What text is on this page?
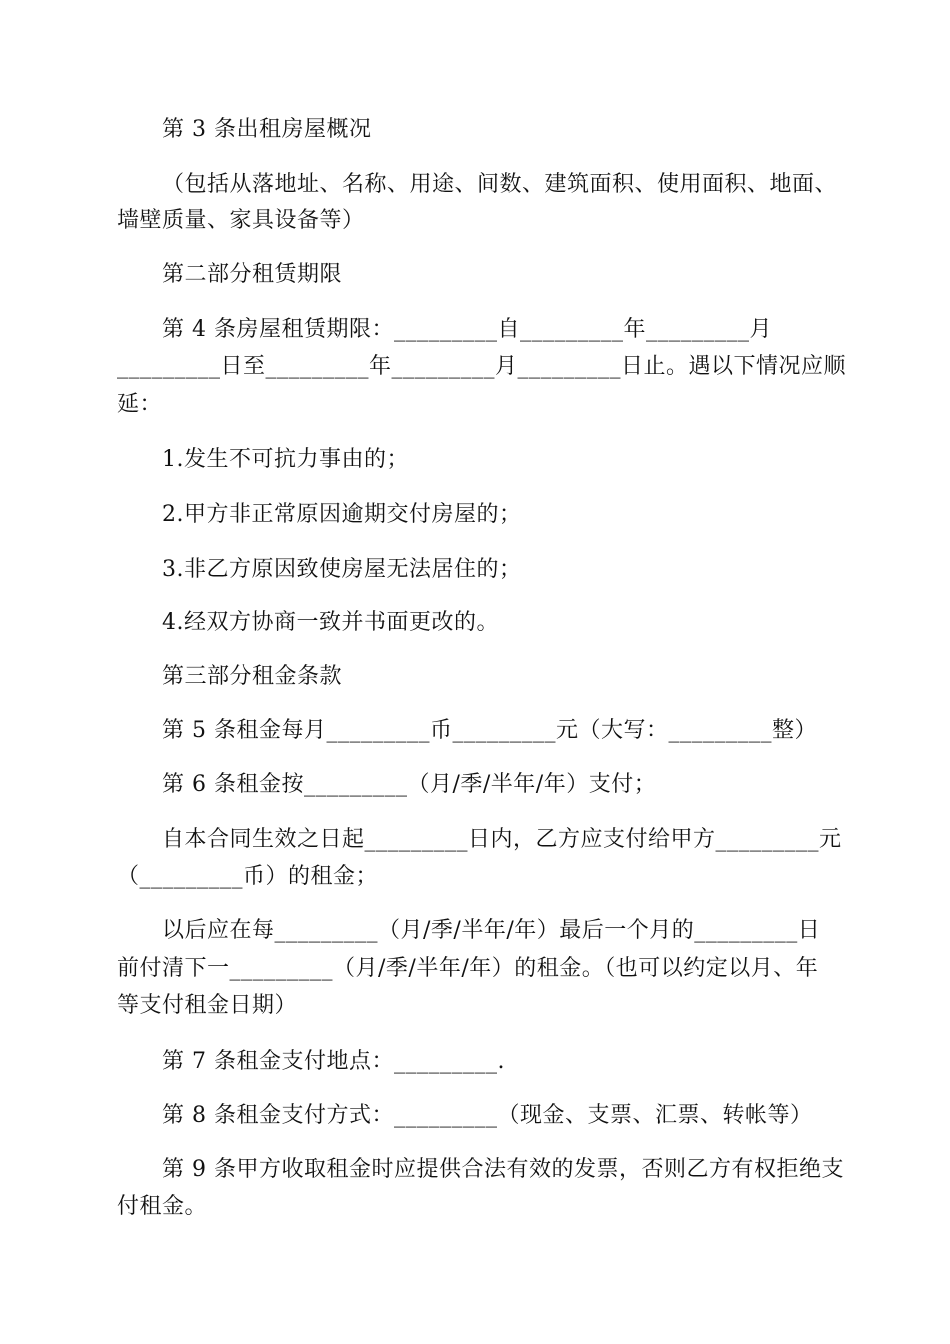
第 3 条出租房屋概况
（包括从落地址、名称、用途、间数、建筑面积、使用面积、地面、
墙壁质量、家具设备等）
第二部分租赁期限
第 4 条房屋租赁期限：_________自_________年_________月
_________日至_________年_________月_________日止。遇以下情况应顺
延：
1.发生不可抗力事由的；
2.甲方非正常原因逾期交付房屋的；
3.非乙方原因致使房屋无法居住的；
4.经双方协商一致并书面更改的。
第三部分租金条款
第 5 条租金每月_________币_________元（大写：_________整）
第 6 条租金按_________（月/季/半年/年）支付；
自本合同生效之日起_________日内，乙方应支付给甲方_________元
（_________币）的租金；
以后应在每_________（月/季/半年/年）最后一个月的_________日
前付清下一_________（月/季/半年/年）的租金。（也可以约定以月、年
等支付租金日期）
第 7 条租金支付地点：_________.
第 8 条租金支付方式：_________（现金、支票、汇票、转帐等）
第 9 条甲方收取租金时应提供合法有效的发票，否则乙方有权拒绝支
付租金。
